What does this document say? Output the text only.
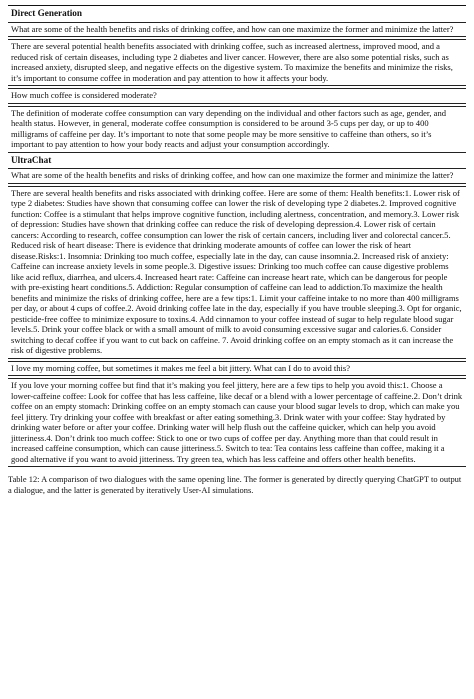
Direct Generation
What are some of the health benefits and risks of drinking coffee, and how can one maximize the former and minimize the latter?

There are several potential health benefits associated with drinking coffee, such as increased alertness, improved mood, and a reduced risk of certain diseases, including type 2 diabetes and liver cancer. However, there are also some potential risks, such as increased anxiety, disrupted sleep, and negative effects on the digestive system. To maximize the benefits and minimize the risks, it’s important to consume coffee in moderation and pay attention to how it affects your body.

How much coffee is considered moderate?

The definition of moderate coffee consumption can vary depending on the individual and other factors such as age, gender, and health status. However, in general, moderate coffee consumption is considered to be around 3-5 cups per day, or up to 400 milligrams of caffeine per day. It’s important to note that some people may be more sensitive to caffeine than others, so it’s important to pay attention to how your body reacts and adjust your consumption accordingly.
UltraChat
What are some of the health benefits and risks of drinking coffee, and how can one maximize the former and minimize the latter?

There are several health benefits and risks associated with drinking coffee. Here are some of them: Health benefits:1. Lower risk of type 2 diabetes: Studies have shown that consuming coffee can lower the risk of developing type 2 diabetes.2. Improved cognitive function: Coffee is a stimulant that helps improve cognitive function, including alertness, concentration, and memory.3. Lower risk of depression: Studies have shown that drinking coffee can reduce the risk of developing depression.4. Lower risk of certain cancers: According to research, coffee consumption can lower the risk of certain cancers, including liver and colorectal cancer.5. Reduced risk of heart disease: There is evidence that drinking moderate amounts of coffee can lower the risk of heart disease.Risks:1. Insomnia: Drinking too much coffee, especially late in the day, can cause insomnia.2. Increased risk of anxiety: Caffeine can increase anxiety levels in some people.3. Digestive issues: Drinking too much coffee can cause digestive problems like acid reflux, diarrhea, and ulcers.4. Increased heart rate: Caffeine can increase heart rate, which can be dangerous for people with pre-existing heart conditions.5. Addiction: Regular consumption of caffeine can lead to addiction.To maximize the health benefits and minimize the risks of drinking coffee, here are a few tips:1. Limit your caffeine intake to no more than 400 milligrams per day, or about 4 cups of coffee.2. Avoid drinking coffee late in the day, especially if you have trouble sleeping.3. Opt for organic, pesticide-free coffee to minimize exposure to toxins.4. Add cinnamon to your coffee instead of sugar to help regulate blood sugar levels.5. Drink your coffee black or with a small amount of milk to avoid consuming excessive sugar and calories.6. Consider switching to decaf coffee if you want to cut back on caffeine. 7. Avoid drinking coffee on an empty stomach as it can increase the risk of digestive problems.

I love my morning coffee, but sometimes it makes me feel a bit jittery. What can I do to avoid this?

If you love your morning coffee but find that it’s making you feel jittery, here are a few tips to help you avoid this:1. Choose a lower-caffeine coffee: Look for coffee that has less caffeine, like decaf or a blend with a lower percentage of caffeine.2. Don’t drink coffee on an empty stomach: Drinking coffee on an empty stomach can cause your blood sugar levels to drop, which can make you feel jittery. Try drinking your coffee with breakfast or after eating something.3. Drink water with your coffee: Stay hydrated by drinking water before or after your coffee. Drinking water will help flush out the caffeine quicker, which can help you avoid jitteriness.4. Don’t drink too much coffee: Stick to one or two cups of coffee per day. Anything more than that could result in increased caffeine consumption, which can cause jitteriness.5. Switch to tea: Tea contains less caffeine than coffee, making it a good alternative if you want to avoid jitteriness. Try green tea, which has less caffeine and offers other health benefits.
Table 12: A comparison of two dialogues with the same opening line. The former is generated by directly querying ChatGPT to output a dialogue, and the latter is generated by iteratively User-AI simulations.
